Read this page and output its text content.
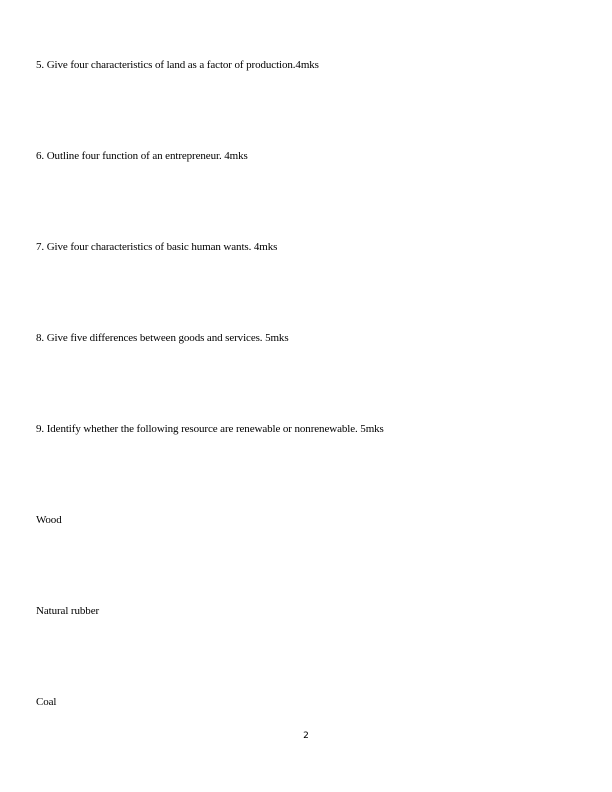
5. Give four characteristics of land as a factor of production.4mks
6. Outline four function of an entrepreneur. 4mks
7. Give four characteristics of basic human wants. 4mks
8. Give five differences between goods and services. 5mks
9. Identify whether the following resource are renewable or nonrenewable. 5mks
Wood
Natural rubber
Coal
2
